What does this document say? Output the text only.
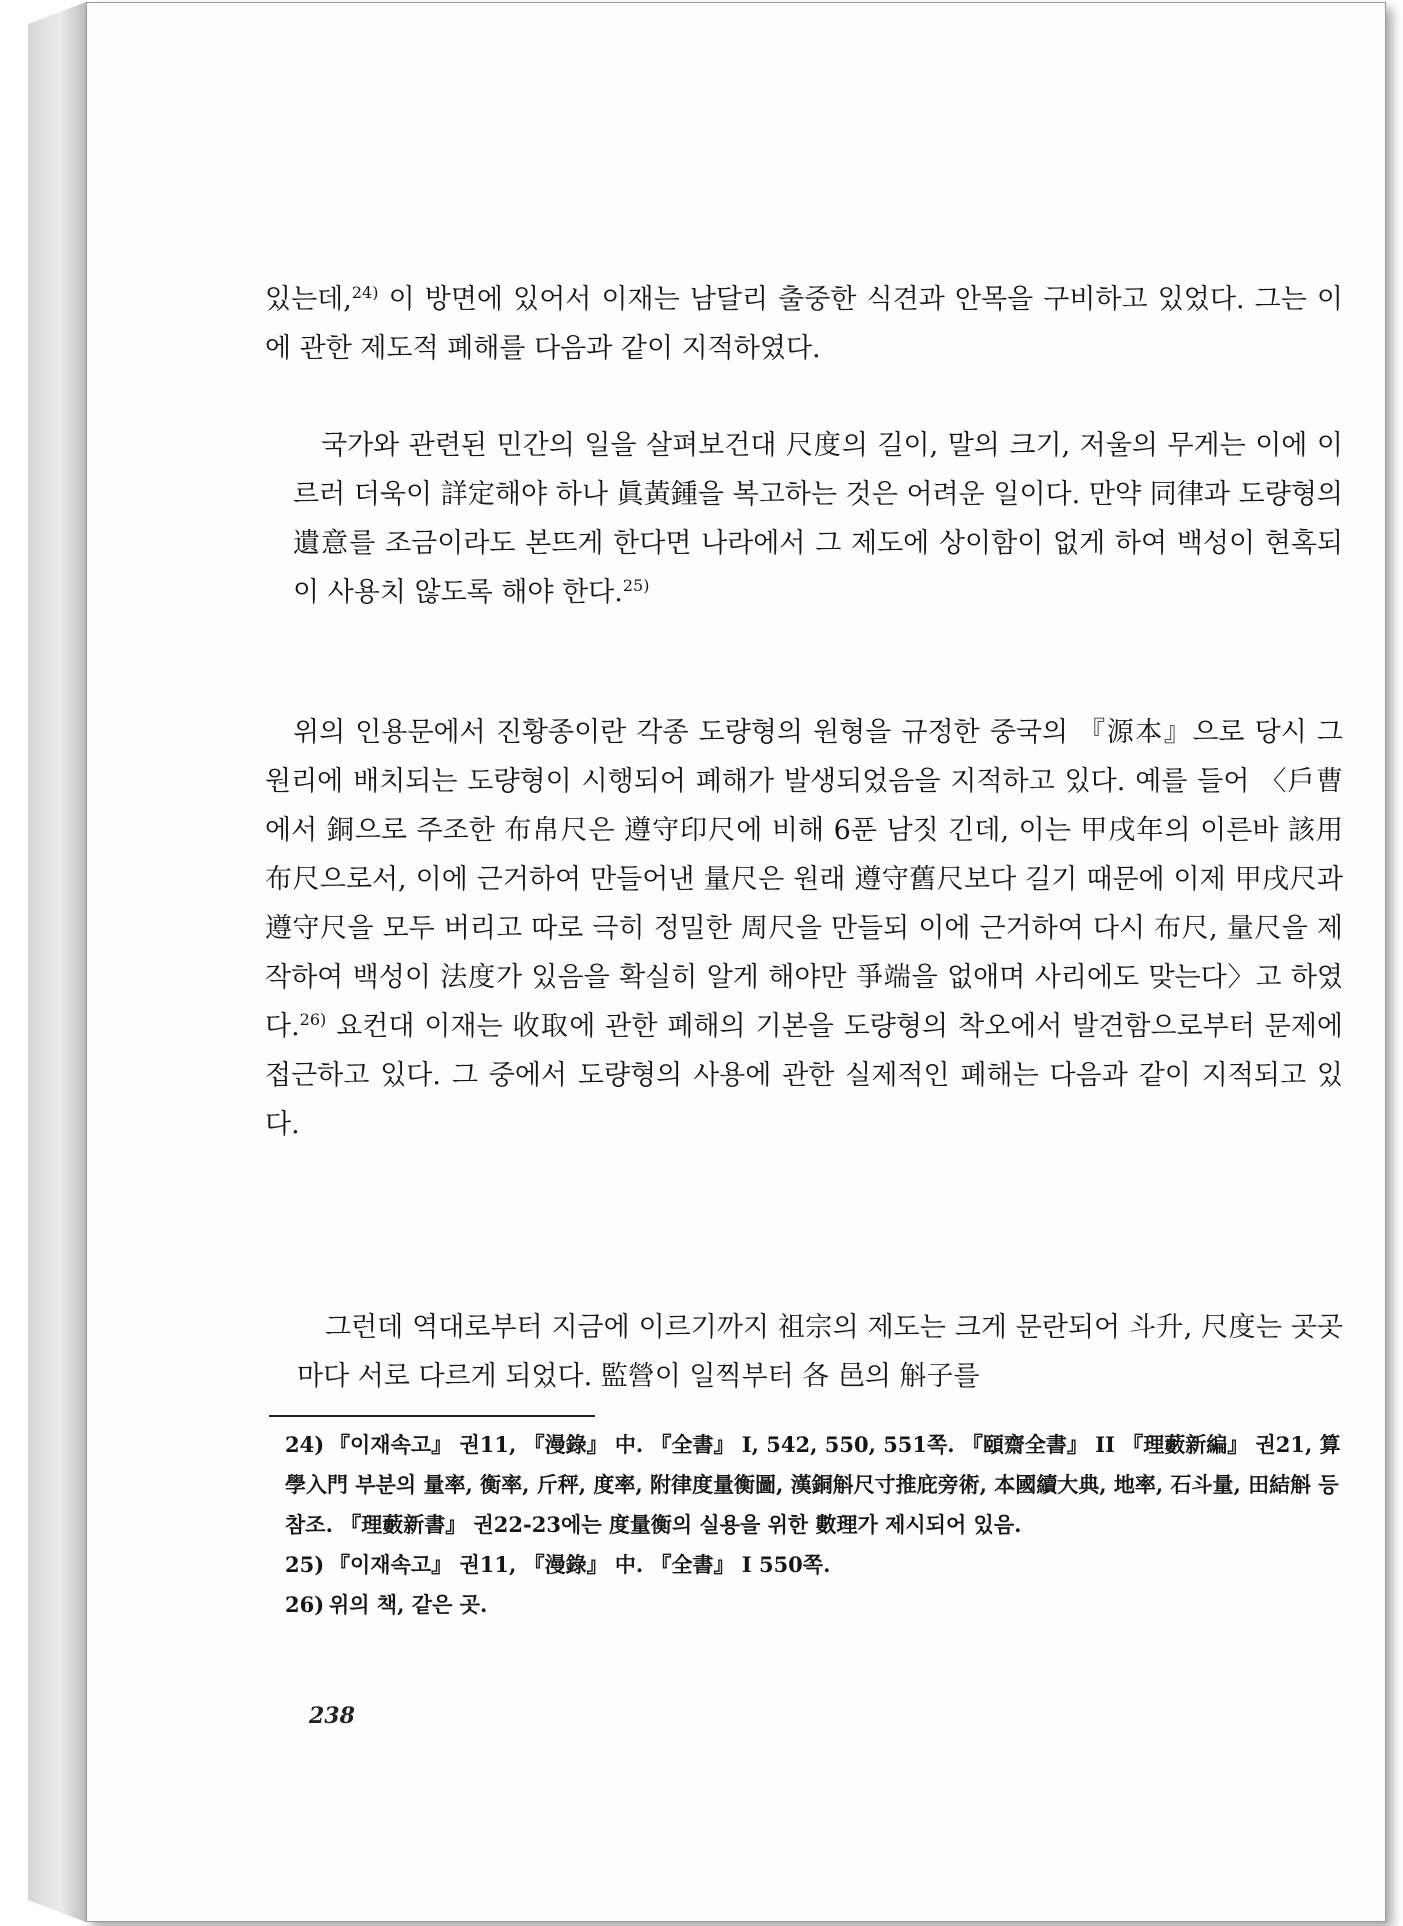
있는데,$^{24)}$ 이 방면에 있어서 이재는 남달리 출중한 식견과 안목을 구비하고 있었다. 그는 이에 관한 제도적 폐해를 다음과 같이 지적하였다.

국가와 관련된 민간의 일을 살펴보건대 尺度의 길이, 말의 크기, 저울의 무게는 이에 이르러 더욱이 詳定해야 하나 眞黃鍾을 복고하는 것은 어려운 일이다. 만약 同律과 도량형의 遺意를 조금이라도 본뜨게 한다면 나라에서 그 제도에 상이함이 없게 하여 백성이 현혹되이 사용치 않도록 해야 한다.$^{25)}$

위의 인용문에서 진황종이란 각종 도량형의 원형을 규정한 중국의 『源本』으로 당시 그 원리에 배치되는 도량형이 시행되어 폐해가 발생되었음을 지적하고 있다. 예를 들어 〈戶曹에서 銅으로 주조한 布帛尺은 遵守印尺에 비해 6푼 남짓 긴데, 이는 甲戌年의 이른바 該用布尺으로서, 이에 근거하여 만들어낸 量尺은 원래 遵守舊尺보다 길기 때문에 이제 甲戌尺과 遵守尺을 모두 버리고 따로 극히 정밀한 周尺을 만들되 이에 근거하여 다시 布尺, 量尺을 제작하여 백성이 法度가 있음을 확실히 알게 해야만 爭端을 없애며 사리에도 맞는다〉고 하였다.$^{26)}$ 요컨대 이재는 收取에 관한 폐해의 기본을 도량형의 착오에서 발견함으로부터 문제에 접근하고 있다. 그 중에서 도량형의 사용에 관한 실제적인 폐해는 다음과 같이 지적되고 있다.

그런데 역대로부터 지금에 이르기까지 祖宗의 제도는 크게 문란되어 斗升, 尺度는 곳곳마다 서로 다르게 되었다. 監營이 일찍부터 各 邑의 斛子를

24) 『이재속고』 권11, 『漫錄』 中. 『全書』 I, 542, 550, 551쪽. 『頤齋全書』 II 『理藪新編』 권21, 算學入門 부분의 量率, 衡率, 斤秤, 度率, 附律度量衡圖, 漢銅斛尺寸推庇旁術, 本國續大典, 地率, 石斗量, 田結斛 등 참조. 『理藪新書』 권22-23에는 度量衡의 실용을 위한 數理가 제시되어 있음.

25) 『이재속고』 권11, 『漫錄』 中. 『全書』 I 550쪽.

26) 위의 책, 같은 곳.

238
